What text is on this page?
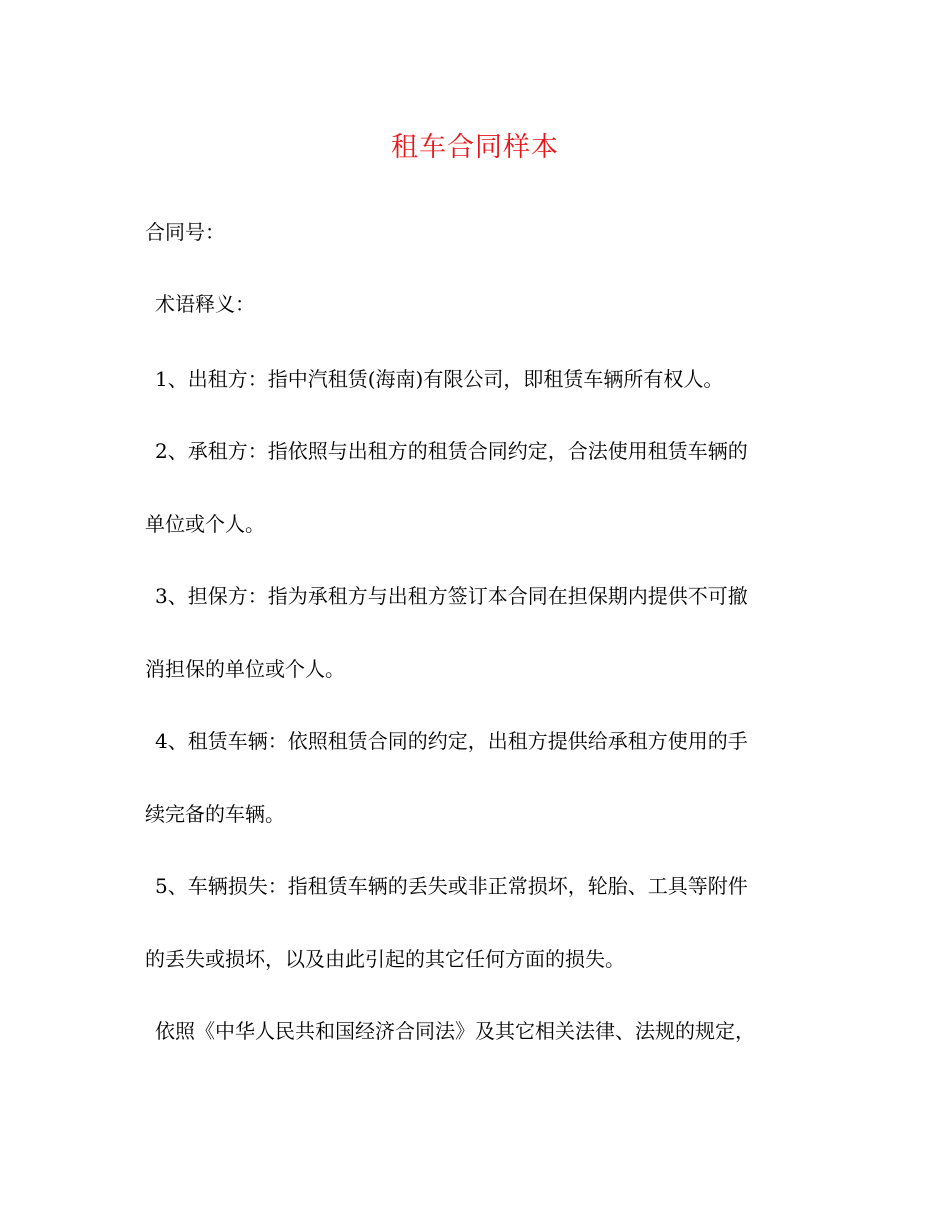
租车合同样本
合同号：
术语释义：
1、出租方：指中汽租赁(海南)有限公司，即租赁车辆所有权人。
2、承租方：指依照与出租方的租赁合同约定，合法使用租赁车辆的
单位或个人。
3、担保方：指为承租方与出租方签订本合同在担保期内提供不可撤
消担保的单位或个人。
4、租赁车辆：依照租赁合同的约定，出租方提供给承租方使用的手
续完备的车辆。
5、车辆损失：指租赁车辆的丢失或非正常损坏，轮胎、工具等附件
的丢失或损坏，以及由此引起的其它任何方面的损失。
依照《中华人民共和国经济合同法》及其它相关法律、法规的规定，
